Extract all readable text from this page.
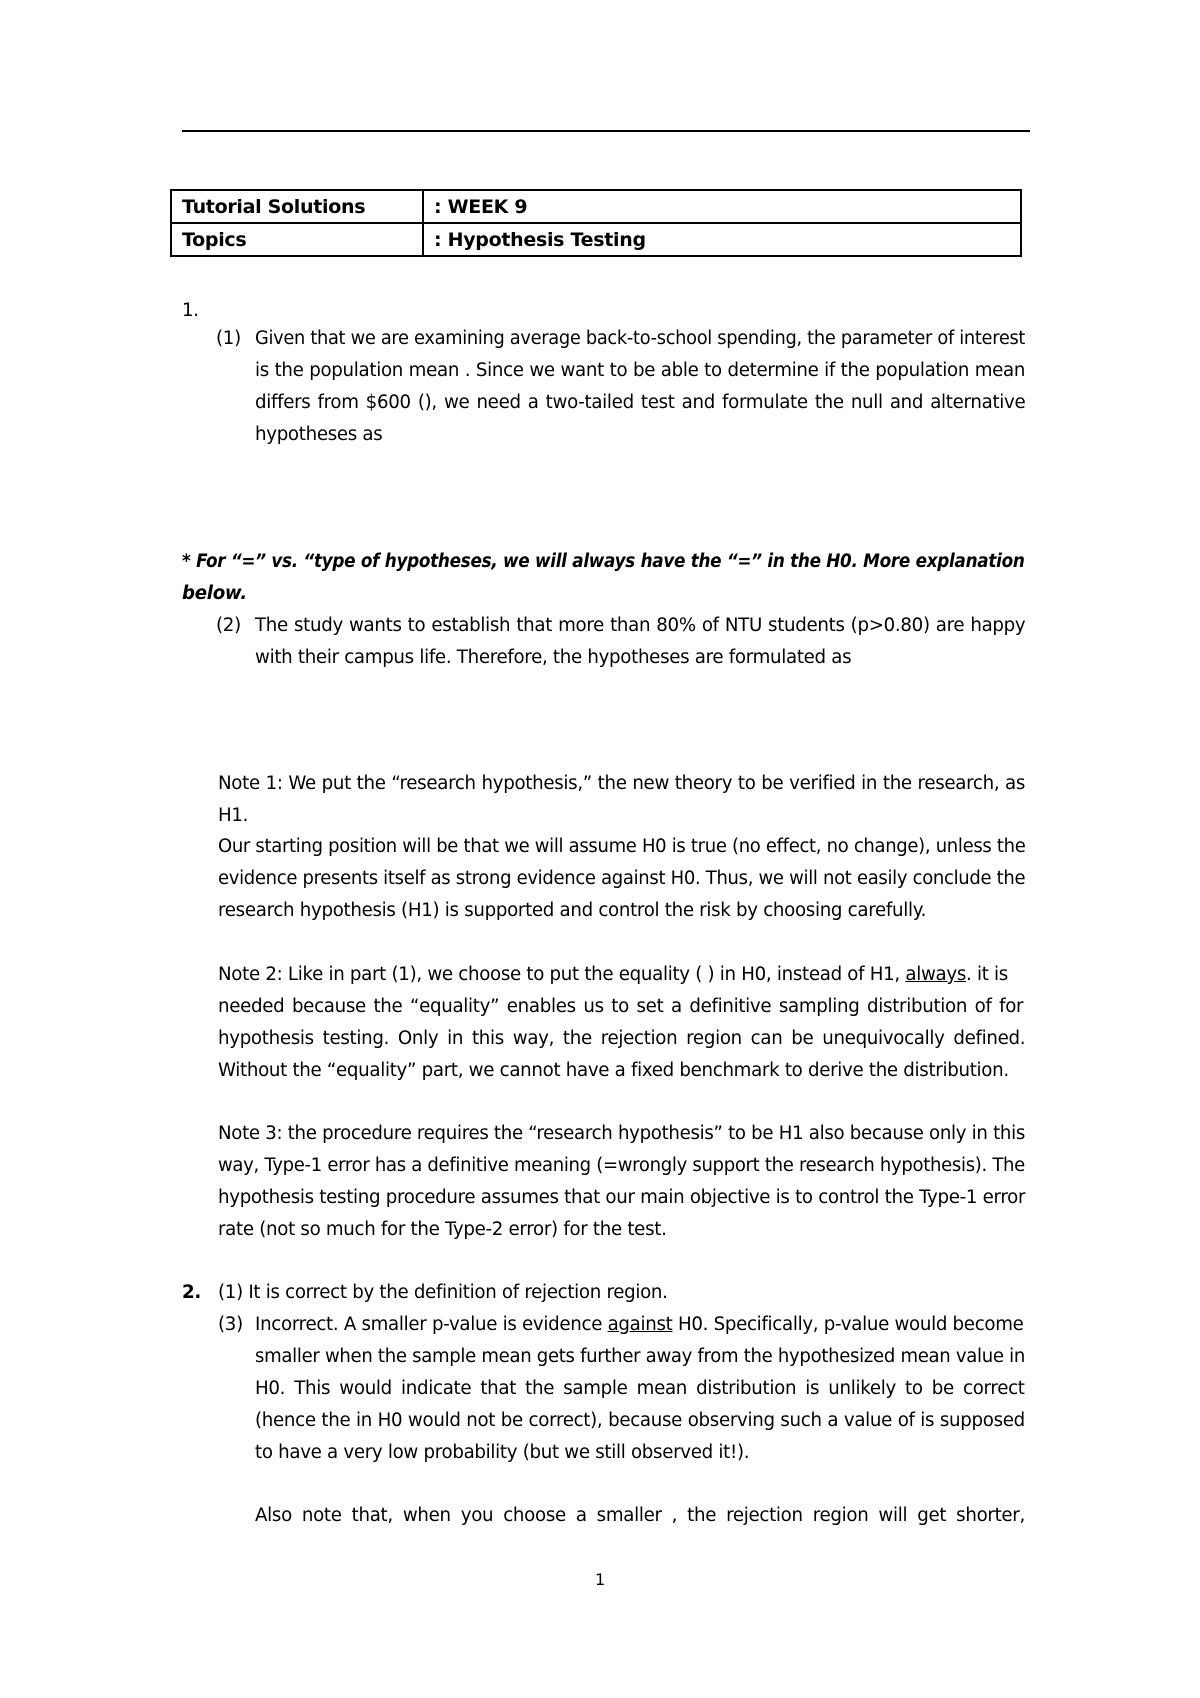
Tutorial Solutions	: WEEK 9
Topics	: Hypothesis Testing
1.
(1) Given that we are examining average back-to-school spending, the parameter of interest
is the population mean . Since we want to be able to determine if the population mean
differs from $600 (), we need a two-tailed test and formulate the null and alternative
hypotheses as
* For “=” vs. “type of hypotheses, we will always have the “=” in the H0. More explanation
below.
(2) The study wants to establish that more than 80% of NTU students (p>0.80) are happy
with their campus life. Therefore, the hypotheses are formulated as
Note 1: We put the “research hypothesis,” the new theory to be verified in the research, as
H1.
Our starting position will be that we will assume H0 is true (no effect, no change), unless the
evidence presents itself as strong evidence against H0. Thus, we will not easily conclude the
research hypothesis (H1) is supported and control the risk by choosing carefully.
Note 2: Like in part (1), we choose to put the equality ( ) in H0, instead of H1, always. it is
needed because the “equality” enables us to set a definitive sampling distribution of for
hypothesis testing. Only in this way, the rejection region can be unequivocally defined.
Without the “equality” part, we cannot have a fixed benchmark to derive the distribution.
Note 3: the procedure requires the “research hypothesis” to be H1 also because only in this
way, Type-1 error has a definitive meaning (=wrongly support the research hypothesis). The
hypothesis testing procedure assumes that our main objective is to control the Type-1 error
rate (not so much for the Type-2 error) for the test.
2. (1) It is correct by the definition of rejection region.
(3) Incorrect. A smaller p-value is evidence against H0. Specifically, p-value would become
smaller when the sample mean gets further away from the hypothesized mean value in
H0. This would indicate that the sample mean distribution is unlikely to be correct
(hence the in H0 would not be correct), because observing such a value of is supposed
to have a very low probability (but we still observed it!).
Also note that, when you choose a smaller , the rejection region will get shorter,
1
